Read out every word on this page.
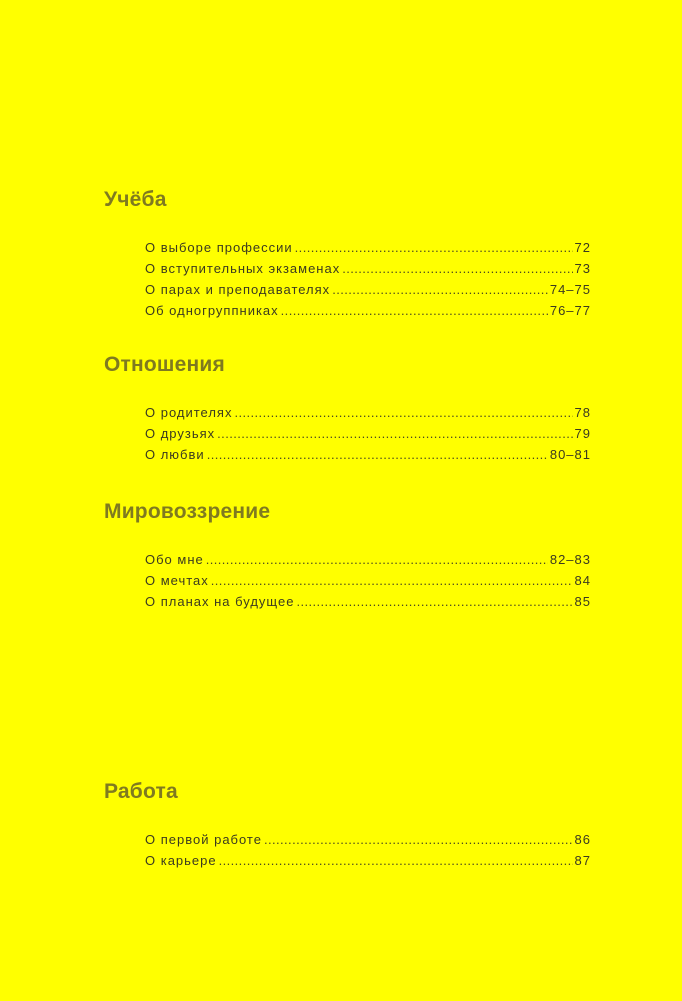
Учёба
О выборе профессии .....	72
О вступительных экзаменах .....	73
О парах и преподавателях .....	74–75
Об одногруппниках .....	76–77
Отношения
О родителях .....	78
О друзьях .....	79
О любви .....	80–81
Мировоззрение
Обо мне .....	82–83
О мечтах .....	84
О планах на будущее .....	85
Работа
О первой работе .....	86
О карьере .....	87
